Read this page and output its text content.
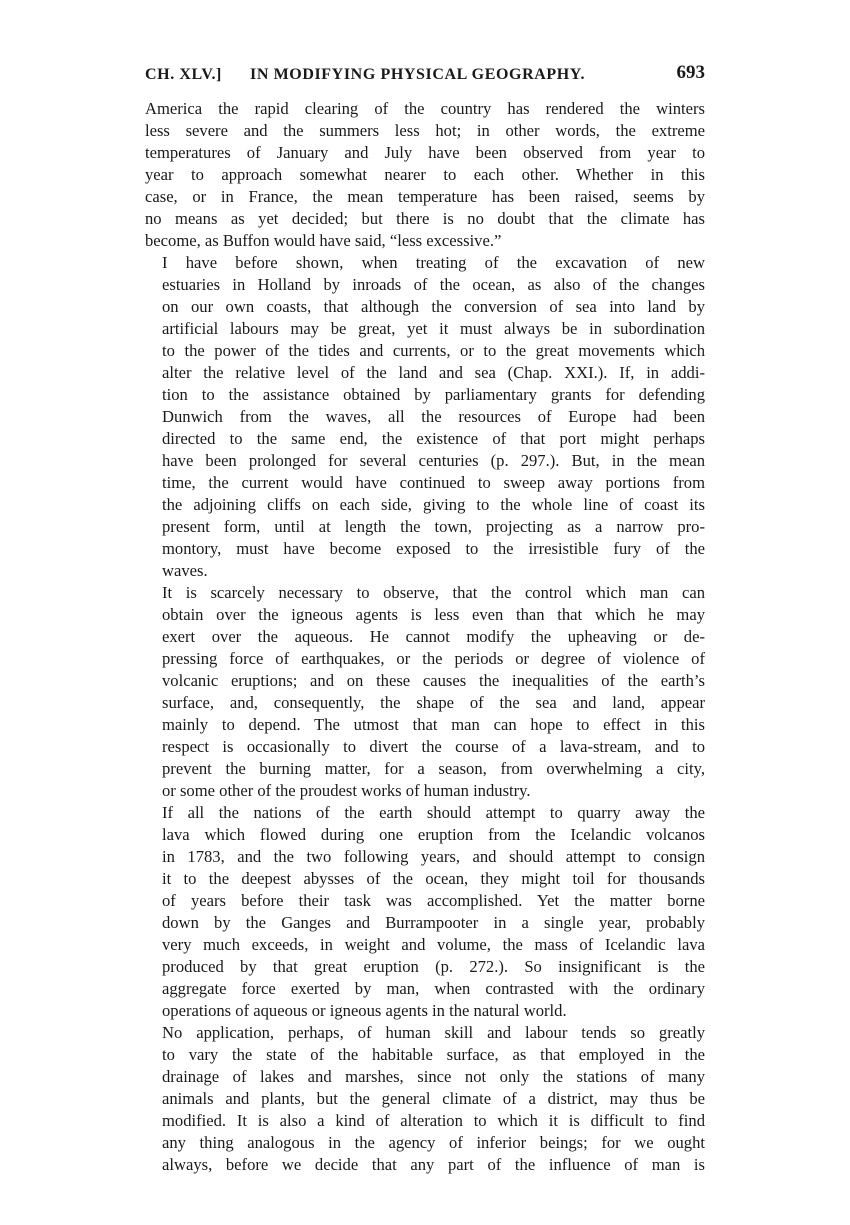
CH. XLV.] IN MODIFYING PHYSICAL GEOGRAPHY.	693
America the rapid clearing of the country has rendered the winters
less severe and the summers less hot; in other words, the extreme
temperatures of January and July have been observed from year to
year to approach somewhat nearer to each other. Whether in this
case, or in France, the mean temperature has been raised, seems by
no means as yet decided; but there is no doubt that the climate has
become, as Buffon would have said, “less excessive.”
I have before shown, when treating of the excavation of new
estuaries in Holland by inroads of the ocean, as also of the changes
on our own coasts, that although the conversion of sea into land by
artificial labours may be great, yet it must always be in subordination
to the power of the tides and currents, or to the great movements which
alter the relative level of the land and sea (Chap. XXI.). If, in addi-
tion to the assistance obtained by parliamentary grants for defending
Dunwich from the waves, all the resources of Europe had been
directed to the same end, the existence of that port might perhaps
have been prolonged for several centuries (p. 297.). But, in the mean
time, the current would have continued to sweep away portions from
the adjoining cliffs on each side, giving to the whole line of coast its
present form, until at length the town, projecting as a narrow pro-
montory, must have become exposed to the irresistible fury of the
waves.
It is scarcely necessary to observe, that the control which man can
obtain over the igneous agents is less even than that which he may
exert over the aqueous. He cannot modify the upheaving or de-
pressing force of earthquakes, or the periods or degree of violence of
volcanic eruptions; and on these causes the inequalities of the earth’s
surface, and, consequently, the shape of the sea and land, appear
mainly to depend. The utmost that man can hope to effect in this
respect is occasionally to divert the course of a lava-stream, and to
prevent the burning matter, for a season, from overwhelming a city,
or some other of the proudest works of human industry.
If all the nations of the earth should attempt to quarry away the
lava which flowed during one eruption from the Icelandic volcanos
in 1783, and the two following years, and should attempt to consign
it to the deepest abysses of the ocean, they might toil for thousands
of years before their task was accomplished. Yet the matter borne
down by the Ganges and Burrampooter in a single year, probably
very much exceeds, in weight and volume, the mass of Icelandic lava
produced by that great eruption (p. 272.). So insignificant is the
aggregate force exerted by man, when contrasted with the ordinary
operations of aqueous or igneous agents in the natural world.
No application, perhaps, of human skill and labour tends so greatly
to vary the state of the habitable surface, as that employed in the
drainage of lakes and marshes, since not only the stations of many
animals and plants, but the general climate of a district, may thus be
modified. It is also a kind of alteration to which it is difficult to find
any thing analogous in the agency of inferior beings; for we ought
always, before we decide that any part of the influence of man is
